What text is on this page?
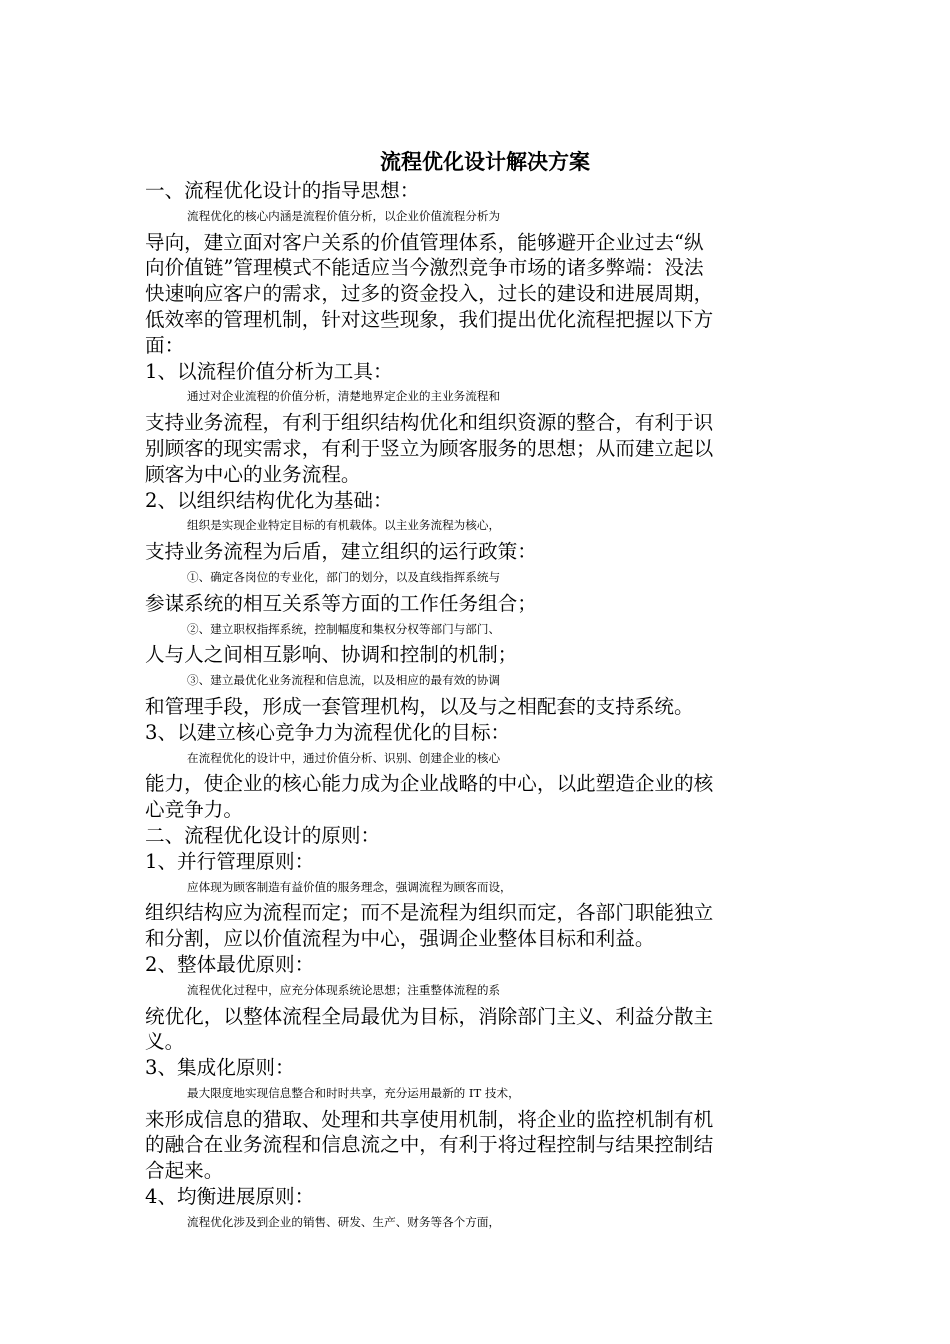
流程优化设计解决方案

一、流程优化设计的指导思想：

流程优化的核心内涵是流程价值分析，以企业价值流程分析为

导向，建立面对客户关系的价值管理体系，能够避开企业过去“纵

向价值链”管理模式不能适应当今激烈竞争市场的诸多弊端：没法

快速响应客户的需求，过多的资金投入，过长的建设和进展周期，

低效率的管理机制，针对这些现象，我们提出优化流程把握以下方

面：

1、以流程价值分析为工具：

通过对企业流程的价值分析，清楚地界定企业的主业务流程和

支持业务流程，有利于组织结构优化和组织资源的整合，有利于识

别顾客的现实需求，有利于竖立为顾客服务的思想；从而建立起以

顾客为中心的业务流程。

2、以组织结构优化为基础：

组织是实现企业特定目标的有机载体。以主业务流程为核心，

支持业务流程为后盾，建立组织的运行政策：

①、确定各岗位的专业化，部门的划分，以及直线指挥系统与

参谋系统的相互关系等方面的工作任务组合；

②、建立职权指挥系统，控制幅度和集权分权等部门与部门、

人与人之间相互影响、协调和控制的机制；

③、建立最优化业务流程和信息流，以及相应的最有效的协调

和管理手段，形成一套管理机构，以及与之相配套的支持系统。

3、以建立核心竞争力为流程优化的目标：

在流程优化的设计中，通过价值分析、识别、创建企业的核心

能力，使企业的核心能力成为企业战略的中心，以此塑造企业的核

心竞争力。

二、流程优化设计的原则：

1、并行管理原则：

应体现为顾客制造有益价值的服务理念，强调流程为顾客而设，

组织结构应为流程而定；而不是流程为组织而定，各部门职能独立

和分割，应以价值流程为中心，强调企业整体目标和利益。

2、整体最优原则：

流程优化过程中，应充分体现系统论思想；注重整体流程的系

统优化，以整体流程全局最优为目标，消除部门主义、利益分散主

义。

3、集成化原则：

最大限度地实现信息整合和时时共享，充分运用最新的 IT 技术，

来形成信息的猎取、处理和共享使用机制，将企业的监控机制有机

的融合在业务流程和信息流之中，有利于将过程控制与结果控制结

合起来。

4、均衡进展原则：

流程优化涉及到企业的销售、研发、生产、财务等各个方面，
